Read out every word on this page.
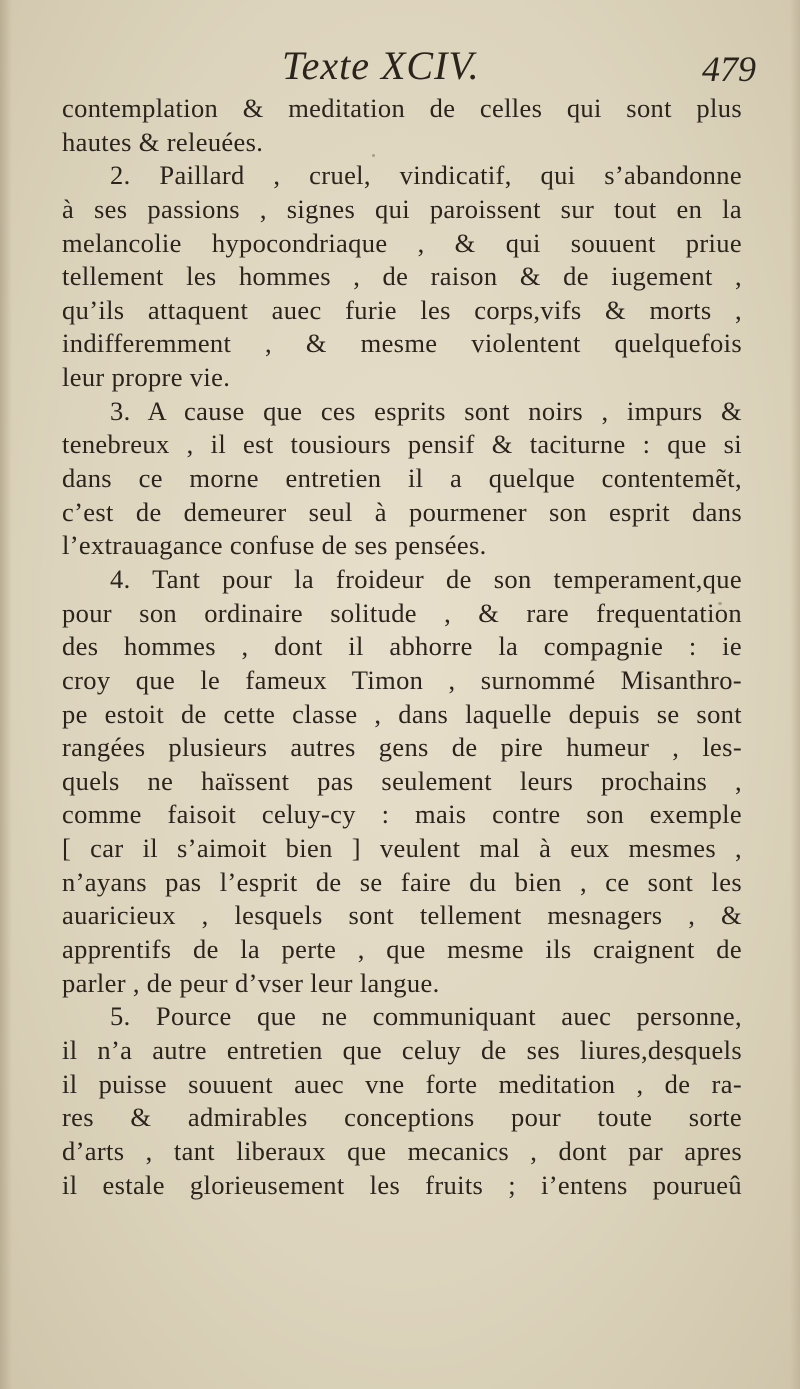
Texte XCIV.	479
contemplation & meditation de celles qui sont plus
hautes & releuées.
2. Paillard , cruel, vindicatif, qui s’abandonne
à ses passions , signes qui paroissent sur tout en la
melancolie hypocondriaque , & qui souuent priue
tellement les hommes , de raison & de iugement ,
qu’ils attaquent auec furie les corps,vifs & morts ,
indifferemment , & mesme violentent quelquefois
leur propre vie.
3. A cause que ces esprits sont noirs , impurs &
tenebreux , il est tousiours pensif & taciturne : que si
dans ce morne entretien il a quelque contentemẽt,
c’est de demeurer seul à pourmener son esprit dans
l’extrauagance confuse de ses pensées.
4. Tant pour la froideur de son temperament,que
pour son ordinaire solitude , & rare frequentation
des hommes , dont il abhorre la compagnie : ie
croy que le fameux Timon , surnommé Misanthro-
pe estoit de cette classe , dans laquelle depuis se sont
rangées plusieurs autres gens de pire humeur , les-
quels ne haïssent pas seulement leurs prochains ,
comme faisoit celuy-cy : mais contre son exemple
[ car il s’aimoit bien ] veulent mal à eux mesmes ,
n’ayans pas l’esprit de se faire du bien , ce sont les
auaricieux , lesquels sont tellement mesnagers , &
apprentifs de la perte , que mesme ils craignent de
parler , de peur d’vser leur langue.
5. Pource que ne communiquant auec personne,
il n’a autre entretien que celuy de ses liures,desquels
il puisse souuent auec vne forte meditation , de ra-
res & admirables conceptions pour toute sorte
d’arts , tant liberaux que mecanics , dont par apres
il estale glorieusement les fruits ; i’entens pourueû
